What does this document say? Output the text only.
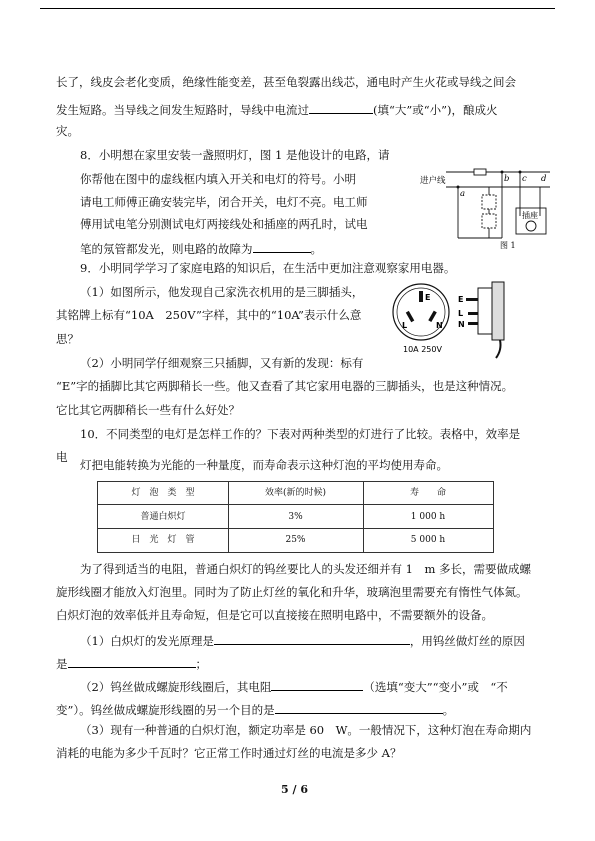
长了，线皮会老化变质，绝缘性能变差，甚至龟裂露出线芯，通电时产生火花或导线之间会
发生短路。当导线之间发生短路时，导线中电流过	(填“大”或“小”)，酿成火
灾。
8．小明想在家里安装一盏照明灯，图 1 是他设计的电路，请
你帮他在图中的虚线框内填入开关和电灯的符号。小明
请电工师傅正确安装完毕，闭合开关，电灯不亮。电工师
傅用试电笔分别测试电灯两接线处和插座的两孔时，试电
笔的氖管都发光，则电路的故障为	。
进户线
a
b c d
插座
图 1
9．小明同学学习了家庭电路的知识后，在生活中更加注意观察家用电器。
（1）如图所示，他发现自己家洗衣机用的是三脚插头，
其铭牌上标有“10A　250V”字样，其中的“10A”表示什么意
思？
（2）小明同学仔细观察三只插脚，又有新的发现：标有
“E”字的插脚比其它两脚稍长一些。他又查看了其它家用电器的三脚插头，也是这种情况。
它比其它两脚稍长一些有什么好处？
E
L	N
10A 250V
E
L
N
10．不同类型的电灯是怎样工作的？下表对两种类型的灯进行了比较。表格中，效率是
电
灯把电能转换为光能的一种量度，而寿命表示这种灯泡的平均使用寿命。
灯　泡　类　型	效率(新的时候)	寿　　命
普通白炽灯	3%	1 000 h
日　光　灯　管	25%	5 000 h
为了得到适当的电阻，普通白炽灯的钨丝要比人的头发还细并有 1　m 多长，需要做成螺
旋形线圈才能放入灯泡里。同时为了防止灯丝的氧化和升华，玻璃泡里需要充有惰性气体氮。
白炽灯泡的效率低并且寿命短，但是它可以直接接在照明电路中，不需要额外的设备。
（1）白炽灯的发光原理是	，用钨丝做灯丝的原因
是	；
（2）钨丝做成螺旋形线圈后，其电阻	（选填“变大”“变小”或　“不
变”）。钨丝做成螺旋形线圈的另一个目的是	。
（3）现有一种普通的白炽灯泡，额定功率是 60　W。一般情况下，这种灯泡在寿命期内
消耗的电能为多少千瓦时？它正常工作时通过灯丝的电流是多少 A？
5 / 6
